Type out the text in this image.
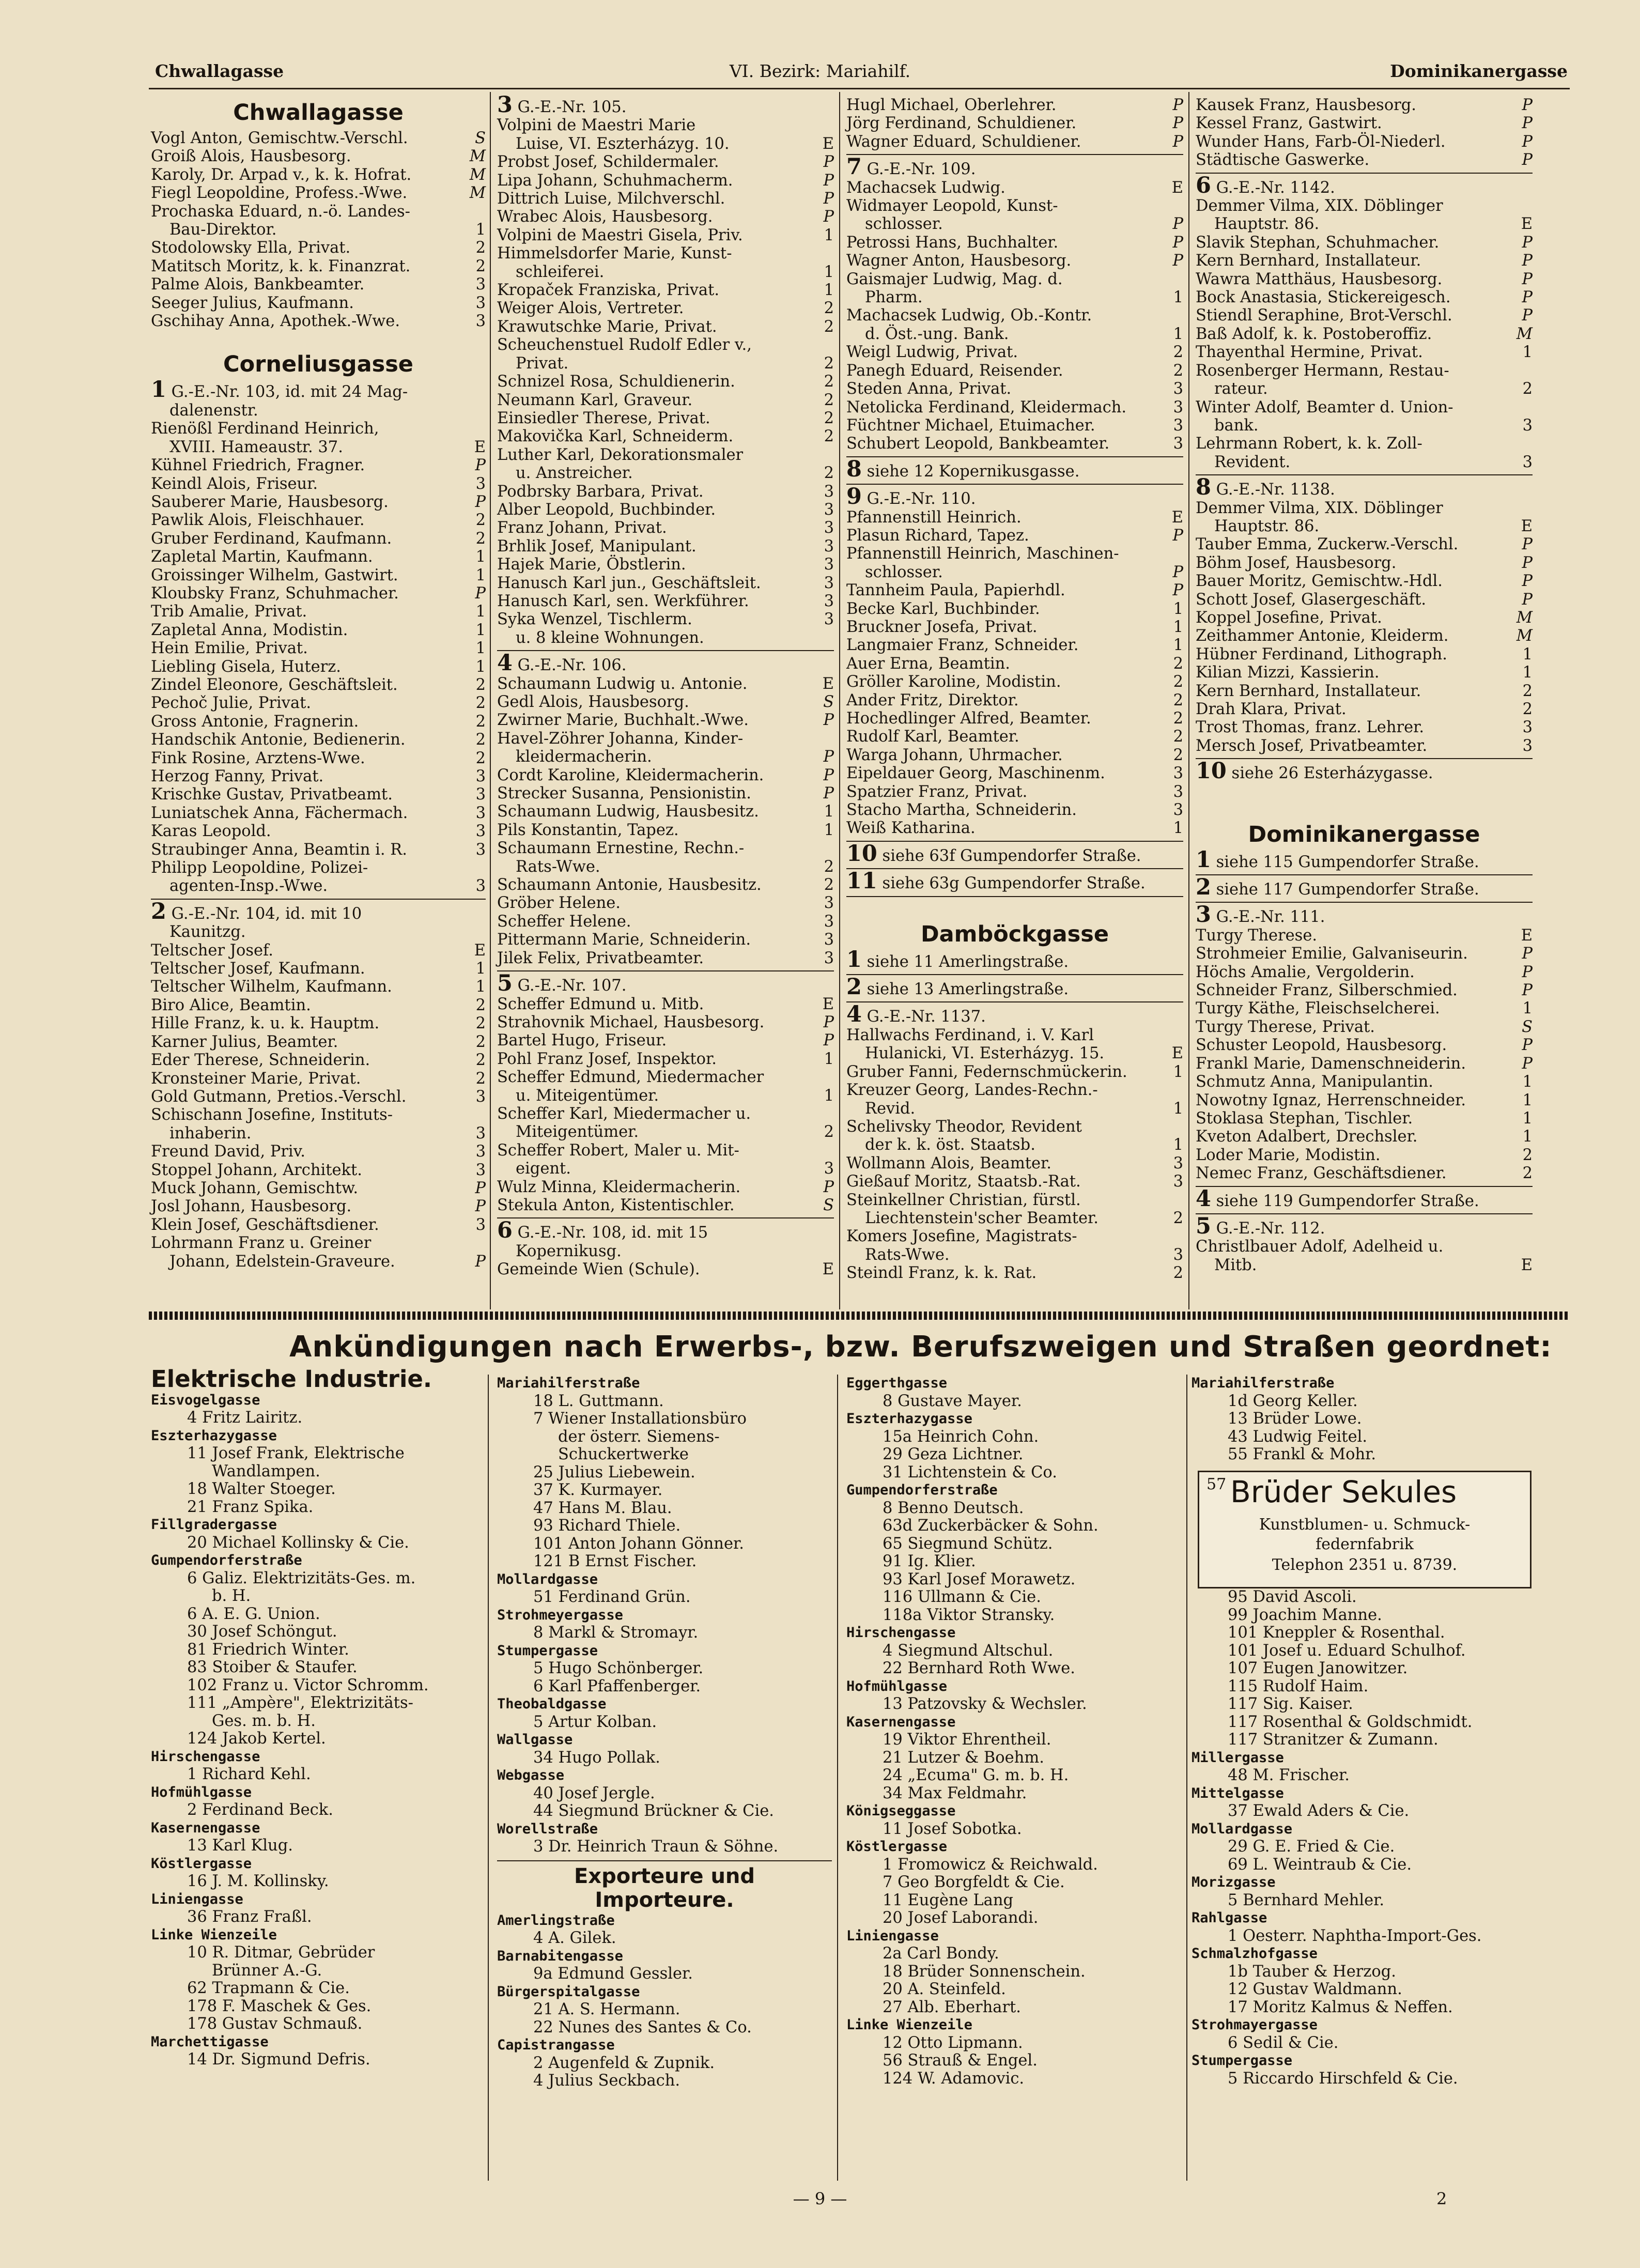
Chwallagasse	VI. Bezirk: Mariahilf.	Dominikanergasse
Chwallagasse
Vogl Anton, Gemischtw.-Verschl.	S
Groiß Alois, Hausbesorg.	M
Karoly, Dr. Arpad v., k. k. Hofrat.	M
Fiegl Leopoldine, Profess.-Wwe.	M
Prochaska Eduard, n.-ö. Landes-
Bau-Direktor.	1
Stodolowsky Ella, Privat.	2
Matitsch Moritz, k. k. Finanzrat.	2
Palme Alois, Bankbeamter.	3
Seeger Julius, Kaufmann.	3
Gschihay Anna, Apothek.-Wwe.	3
Corneliusgasse
1 G.-E.-Nr. 103, id. mit 24 Mag-
dalenenstr.
Rienößl Ferdinand Heinrich,
XVIII. Hameaustr. 37.	E
Kühnel Friedrich, Fragner.	P
Keindl Alois, Friseur.	3
Sauberer Marie, Hausbesorg.	P
Pawlik Alois, Fleischhauer.	2
Gruber Ferdinand, Kaufmann.	2
Zapletal Martin, Kaufmann.	1
Groissinger Wilhelm, Gastwirt.	1
Kloubsky Franz, Schuhmacher.	P
Trib Amalie, Privat.	1
Zapletal Anna, Modistin.	1
Hein Emilie, Privat.	1
Liebling Gisela, Huterz.	1
Zindel Eleonore, Geschäftsleit.	2
Pechoč Julie, Privat.	2
Gross Antonie, Fragnerin.	2
Handschik Antonie, Bedienerin.	2
Fink Rosine, Arztens-Wwe.	2
Herzog Fanny, Privat.	3
Krischke Gustav, Privatbeamt.	3
Luniatschek Anna, Fächermach.	3
Karas Leopold.	3
Straubinger Anna, Beamtin i. R.	3
Philipp Leopoldine, Polizei-
agenten-Insp.-Wwe.	3
2 G.-E.-Nr. 104, id. mit 10
Kaunitzg.
Teltscher Josef.	E
Teltscher Josef, Kaufmann.	1
Teltscher Wilhelm, Kaufmann.	1
Biro Alice, Beamtin.	2
Hille Franz, k. u. k. Hauptm.	2
Karner Julius, Beamter.	2
Eder Therese, Schneiderin.	2
Kronsteiner Marie, Privat.	2
Gold Gutmann, Pretios.-Verschl.	3
Schischann Josefine, Instituts-
inhaberin.	3
Freund David, Priv.	3
Stoppel Johann, Architekt.	3
Muck Johann, Gemischtw.	P
Josl Johann, Hausbesorg.	P
Klein Josef, Geschäftsdiener.	3
Lohrmann Franz u. Greiner
Johann, Edelstein-Graveure.	P
3 G.-E.-Nr. 105.
Volpini de Maestri Marie
Luise, VI. Eszterházyg. 10.	E
Probst Josef, Schildermaler.	P
Lipa Johann, Schuhmacherm.	P
Dittrich Luise, Milchverschl.	P
Wrabec Alois, Hausbesorg.	P
Volpini de Maestri Gisela, Priv.	1
Himmelsdorfer Marie, Kunst-
schleiferei.	1
Kropaček Franziska, Privat.	1
Weiger Alois, Vertreter.	2
Krawutschke Marie, Privat.	2
Scheuchenstuel Rudolf Edler v.,
Privat.	2
Schnizel Rosa, Schuldienerin.	2
Neumann Karl, Graveur.	2
Einsiedler Therese, Privat.	2
Makovička Karl, Schneiderm.	2
Luther Karl, Dekorationsmaler
u. Anstreicher.	2
Podbrsky Barbara, Privat.	3
Alber Leopold, Buchbinder.	3
Franz Johann, Privat.	3
Brhlik Josef, Manipulant.	3
Hajek Marie, Öbstlerin.	3
Hanusch Karl jun., Geschäftsleit.	3
Hanusch Karl, sen. Werkführer.	3
Syka Wenzel, Tischlerm.	3
u. 8 kleine Wohnungen.
4 G.-E.-Nr. 106.
Schaumann Ludwig u. Antonie.	E
Gedl Alois, Hausbesorg.	S
Zwirner Marie, Buchhalt.-Wwe.	P
Havel-Zöhrer Johanna, Kinder-
kleidermacherin.	P
Cordt Karoline, Kleidermacherin.	P
Strecker Susanna, Pensionistin.	P
Schaumann Ludwig, Hausbesitz.	1
Pils Konstantin, Tapez.	1
Schaumann Ernestine, Rechn.-
Rats-Wwe.	2
Schaumann Antonie, Hausbesitz.	2
Gröber Helene.	3
Scheffer Helene.	3
Pittermann Marie, Schneiderin.	3
Jilek Felix, Privatbeamter.	3
5 G.-E.-Nr. 107.
Scheffer Edmund u. Mitb.	E
Strahovnik Michael, Hausbesorg.	P
Bartel Hugo, Friseur.	P
Pohl Franz Josef, Inspektor.	1
Scheffer Edmund, Miedermacher
u. Miteigentümer.	1
Scheffer Karl, Miedermacher u.
Miteigentümer.	2
Scheffer Robert, Maler u. Mit-
eigent.	3
Wulz Minna, Kleidermacherin.	P
Stekula Anton, Kistentischler.	S
6 G.-E.-Nr. 108, id. mit 15
Kopernikusg.
Gemeinde Wien (Schule).	E
Hugl Michael, Oberlehrer.	P
Jörg Ferdinand, Schuldiener.	P
Wagner Eduard, Schuldiener.	P
7 G.-E.-Nr. 109.
Machacsek Ludwig.	E
Widmayer Leopold, Kunst-
schlosser.	P
Petrossi Hans, Buchhalter.	P
Wagner Anton, Hausbesorg.	P
Gaismajer Ludwig, Mag. d.
Pharm.	1
Machacsek Ludwig, Ob.-Kontr.
d. Öst.-ung. Bank.	1
Weigl Ludwig, Privat.	2
Panegh Eduard, Reisender.	2
Steden Anna, Privat.	3
Netolicka Ferdinand, Kleidermach.	3
Füchtner Michael, Etuimacher.	3
Schubert Leopold, Bankbeamter.	3
8 siehe 12 Kopernikusgasse.
9 G.-E.-Nr. 110.
Pfannenstill Heinrich.	E
Plasun Richard, Tapez.	P
Pfannenstill Heinrich, Maschinen-
schlosser.	P
Tannheim Paula, Papierhdl.	P
Becke Karl, Buchbinder.	1
Bruckner Josefa, Privat.	1
Langmaier Franz, Schneider.	1
Auer Erna, Beamtin.	2
Gröller Karoline, Modistin.	2
Ander Fritz, Direktor.	2
Hochedlinger Alfred, Beamter.	2
Rudolf Karl, Beamter.	2
Warga Johann, Uhrmacher.	2
Eipeldauer Georg, Maschinenm.	3
Spatzier Franz, Privat.	3
Stacho Martha, Schneiderin.	3
Weiß Katharina.	1
10 siehe 63f Gumpendorfer Straße.
11 siehe 63g Gumpendorfer Straße.
Damböckgasse
1 siehe 11 Amerlingstraße.
2 siehe 13 Amerlingstraße.
4 G.-E.-Nr. 1137.
Hallwachs Ferdinand, i. V. Karl
Hulanicki, VI. Esterházyg. 15.	E
Gruber Fanni, Federnschmückerin.	1
Kreuzer Georg, Landes-Rechn.-
Revid.	1
Schelivsky Theodor, Revident
der k. k. öst. Staatsb.	1
Wollmann Alois, Beamter.	3
Gießauf Moritz, Staatsb.-Rat.	3
Steinkellner Christian, fürstl.
Liechtenstein'scher Beamter.	2
Komers Josefine, Magistrats-
Rats-Wwe.	3
Steindl Franz, k. k. Rat.	2
Kausek Franz, Hausbesorg.	P
Kessel Franz, Gastwirt.	P
Wunder Hans, Farb-Öl-Niederl.	P
Städtische Gaswerke.	P
6 G.-E.-Nr. 1142.
Demmer Vilma, XIX. Döblinger
Hauptstr. 86.	E
Slavik Stephan, Schuhmacher.	P
Kern Bernhard, Installateur.	P
Wawra Matthäus, Hausbesorg.	P
Bock Anastasia, Stickereigesch.	P
Stiendl Seraphine, Brot-Verschl.	P
Baß Adolf, k. k. Postoberoffiz.	M
Thayenthal Hermine, Privat.	1
Rosenberger Hermann, Restau-
rateur.	2
Winter Adolf, Beamter d. Union-
bank.	3
Lehrmann Robert, k. k. Zoll-
Revident.	3
8 G.-E.-Nr. 1138.
Demmer Vilma, XIX. Döblinger
Hauptstr. 86.	E
Tauber Emma, Zuckerw.-Verschl.	P
Böhm Josef, Hausbesorg.	P
Bauer Moritz, Gemischtw.-Hdl.	P
Schott Josef, Glasergeschäft.	P
Koppel Josefine, Privat.	M
Zeithammer Antonie, Kleiderm.	M
Hübner Ferdinand, Lithograph.	1
Kilian Mizzi, Kassierin.	1
Kern Bernhard, Installateur.	2
Drah Klara, Privat.	2
Trost Thomas, franz. Lehrer.	3
Mersch Josef, Privatbeamter.	3
10 siehe 26 Esterházygasse.
Dominikanergasse
1 siehe 115 Gumpendorfer Straße.
2 siehe 117 Gumpendorfer Straße.
3 G.-E.-Nr. 111.
Turgy Therese.	E
Strohmeier Emilie, Galvaniseurin.	P
Höchs Amalie, Vergolderin.	P
Schneider Franz, Silberschmied.	P
Turgy Käthe, Fleischselcherei.	1
Turgy Therese, Privat.	S
Schuster Leopold, Hausbesorg.	P
Frankl Marie, Damenschneiderin.	P
Schmutz Anna, Manipulantin.	1
Nowotny Ignaz, Herrenschneider.	1
Stoklasa Stephan, Tischler.	1
Kveton Adalbert, Drechsler.	1
Loder Marie, Modistin.	2
Nemec Franz, Geschäftsdiener.	2
4 siehe 119 Gumpendorfer Straße.
5 G.-E.-Nr. 112.
Christlbauer Adolf, Adelheid u.
Mitb.	E
Ankündigungen nach Erwerbs-, bzw. Berufszweigen und Straßen geordnet:
Elektrische Industrie.
Eisvogelgasse
4 Fritz Lairitz.
Eszterhazygasse
11 Josef Frank, Elektrische
Wandlampen.
18 Walter Stoeger.
21 Franz Spika.
Fillgradergasse
20 Michael Kollinsky & Cie.
Gumpendorferstraße
6 Galiz. Elektrizitäts-Ges. m.
b. H.
6 A. E. G. Union.
30 Josef Schöngut.
81 Friedrich Winter.
83 Stoiber & Staufer.
102 Franz u. Victor Schromm.
111 „Ampère", Elektrizitäts-
Ges. m. b. H.
124 Jakob Kertel.
Hirschengasse
1 Richard Kehl.
Hofmühlgasse
2 Ferdinand Beck.
Kasernengasse
13 Karl Klug.
Köstlergasse
16 J. M. Kollinsky.
Liniengasse
36 Franz Fraßl.
Linke Wienzeile
10 R. Ditmar, Gebrüder
Brünner A.-G.
62 Trapmann & Cie.
178 F. Maschek & Ges.
178 Gustav Schmauß.
Marchettigasse
14 Dr. Sigmund Defris.
Mariahilferstraße
18 L. Guttmann.
7 Wiener Installationsbüro
der österr. Siemens-
Schuckertwerke
25 Julius Liebewein.
37 K. Kurmayer.
47 Hans M. Blau.
93 Richard Thiele.
101 Anton Johann Gönner.
121 B Ernst Fischer.
Mollardgasse
51 Ferdinand Grün.
Strohmeyergasse
8 Markl & Stromayr.
Stumpergasse
5 Hugo Schönberger.
6 Karl Pfaffenberger.
Theobaldgasse
5 Artur Kolban.
Wallgasse
34 Hugo Pollak.
Webgasse
40 Josef Jergle.
44 Siegmund Brückner & Cie.
Worellstraße
3 Dr. Heinrich Traun & Söhne.
Exporteure und
Importeure.
Amerlingstraße
4 A. Gilek.
Barnabitengasse
9a Edmund Gessler.
Bürgerspitalgasse
21 A. S. Hermann.
22 Nunes des Santes & Co.
Capistrangasse
2 Augenfeld & Zupnik.
4 Julius Seckbach.
Eggerthgasse
8 Gustave Mayer.
Eszterhazygasse
15a Heinrich Cohn.
29 Geza Lichtner.
31 Lichtenstein & Co.
Gumpendorferstraße
8 Benno Deutsch.
63d Zuckerbäcker & Sohn.
65 Siegmund Schütz.
91 Ig. Klier.
93 Karl Josef Morawetz.
116 Ullmann & Cie.
118a Viktor Stransky.
Hirschengasse
4 Siegmund Altschul.
22 Bernhard Roth Wwe.
Hofmühlgasse
13 Patzovsky & Wechsler.
Kasernengasse
19 Viktor Ehrentheil.
21 Lutzer & Boehm.
24 „Ecuma" G. m. b. H.
34 Max Feldmahr.
Königseggasse
11 Josef Sobotka.
Köstlergasse
1 Fromowicz & Reichwald.
7 Geo Borgfeldt & Cie.
11 Eugène Lang
20 Josef Laborandi.
Liniengasse
2a Carl Bondy.
18 Brüder Sonnenschein.
20 A. Steinfeld.
27 Alb. Eberhart.
Linke Wienzeile
12 Otto Lipmann.
56 Strauß & Engel.
124 W. Adamovic.
Mariahilferstraße
1d Georg Keller.
13 Brüder Lowe.
43 Ludwig Feitel.
55 Frankl & Mohr.
57 Brüder Sekules
Kunstblumen- u. Schmuck-
federnfabrik
Telephon 2351 u. 8739.
95 David Ascoli.
99 Joachim Manne.
101 Kneppler & Rosenthal.
101 Josef u. Eduard Schulhof.
107 Eugen Janowitzer.
115 Rudolf Haim.
117 Sig. Kaiser.
117 Rosenthal & Goldschmidt.
117 Stranitzer & Zumann.
Millergasse
48 M. Frischer.
Mittelgasse
37 Ewald Aders & Cie.
Mollardgasse
29 G. E. Fried & Cie.
69 L. Weintraub & Cie.
Morizgasse
5 Bernhard Mehler.
Rahlgasse
1 Oesterr. Naphtha-Import-Ges.
Schmalzhofgasse
1b Tauber & Herzog.
12 Gustav Waldmann.
17 Moritz Kalmus & Neffen.
Strohmayergasse
6 Sedil & Cie.
Stumpergasse
5 Riccardo Hirschfeld & Cie.
— 9 —	2
